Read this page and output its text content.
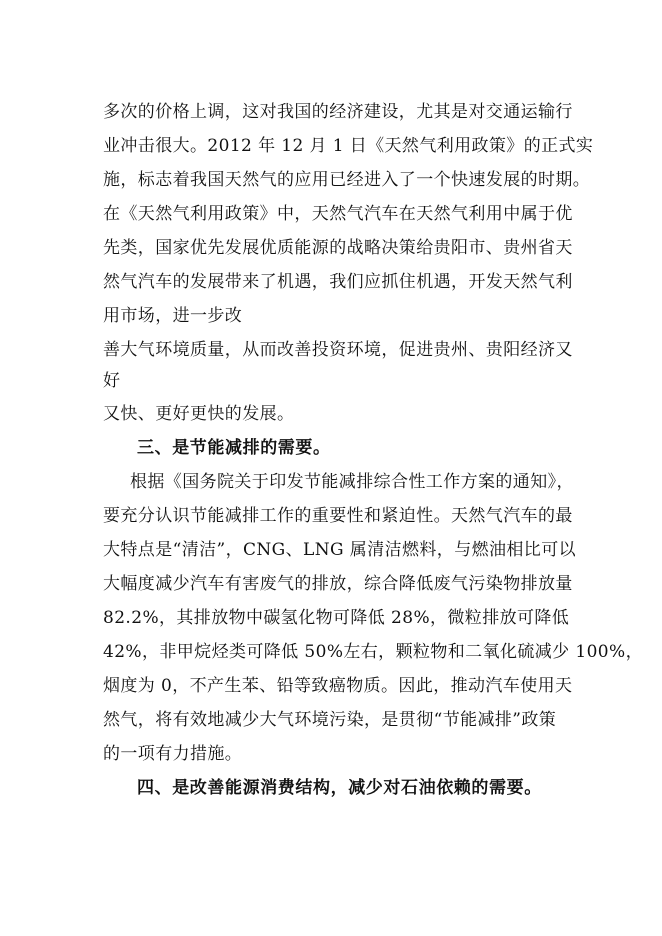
多次的价格上调，这对我国的经济建设，尤其是对交通运输行
业冲击很大。2012 年 12 月 1 日《天然气利用政策》的正式实
施，标志着我国天然气的应用已经进入了一个快速发展的时期。
在《天然气利用政策》中，天然气汽车在天然气利用中属于优
先类，国家优先发展优质能源的战略决策给贵阳市、贵州省天
然气汽车的发展带来了机遇，我们应抓住机遇，开发天然气利
用市场，进一步改
善大气环境质量，从而改善投资环境，促进贵州、贵阳经济又
好
又快、更好更快的发展。
三、是节能减排的需要。
根据《国务院关于印发节能减排综合性工作方案的通知》，
要充分认识节能减排工作的重要性和紧迫性。天然气汽车的最
大特点是“清洁”，CNG、LNG 属清洁燃料，与燃油相比可以
大幅度减少汽车有害废气的排放，综合降低废气污染物排放量
82.2%，其排放物中碳氢化物可降低 28%，微粒排放可降低
42%，非甲烷烃类可降低 50%左右，颗粒物和二氧化硫减少 100%，
烟度为 0，不产生苯、铅等致癌物质。因此，推动汽车使用天
然气，将有效地减少大气环境污染，是贯彻“节能减排”政策
的一项有力措施。
四、是改善能源消费结构，减少对石油依赖的需要。
